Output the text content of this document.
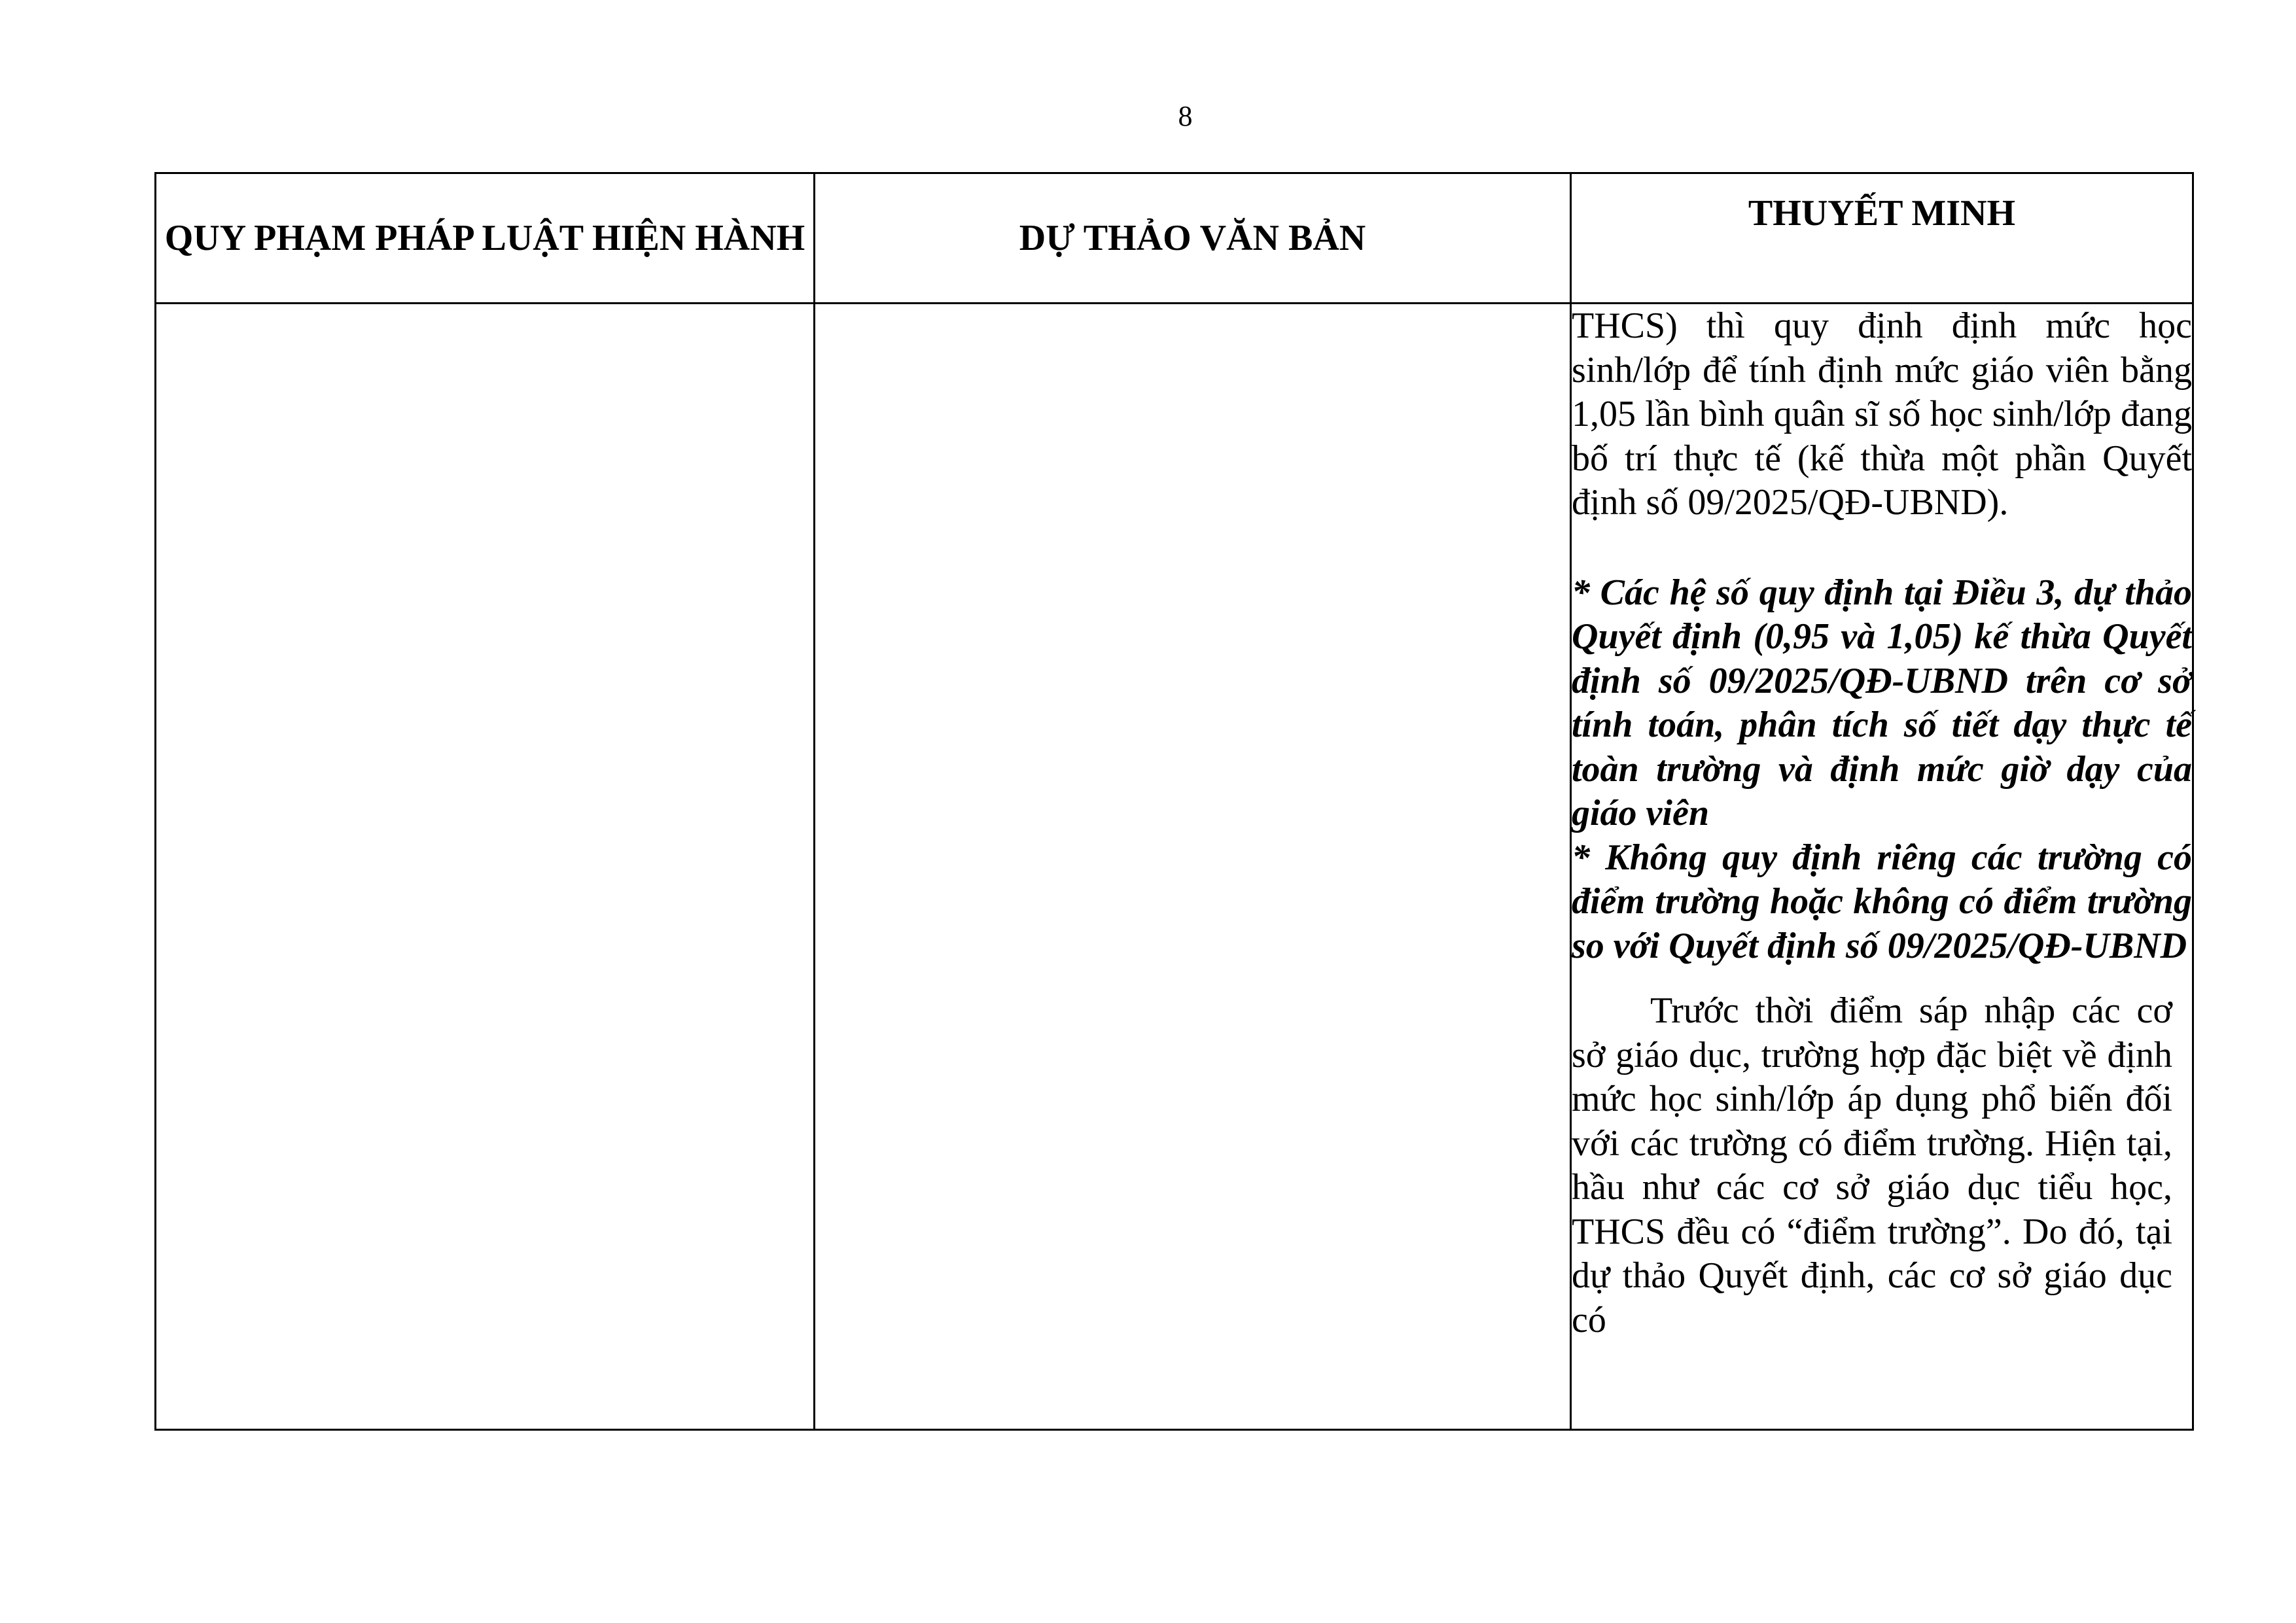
8
QUY PHẠM PHÁP LUẬT HIỆN HÀNH	DỰ THẢO VĂN BẢN	THUYẾT MINH

		THCS) thì quy định định mức học sinh/lớp để tính định mức giáo viên bằng 1,05 lần bình quân sĩ số học sinh/lớp đang bố trí thực tế (kế thừa một phần Quyết định số 09/2025/QĐ-UBND).

* Các hệ số quy định tại Điều 3, dự thảo Quyết định (0,95 và 1,05) kế thừa Quyết định số 09/2025/QĐ-UBND trên cơ sở tính toán, phân tích số tiết dạy thực tế toàn trường và định mức giờ dạy của giáo viên
* Không quy định riêng các trường có điểm trường hoặc không có điểm trường so với Quyết định số 09/2025/QĐ-UBND

Trước thời điểm sáp nhập các cơ sở giáo dục, trường hợp đặc biệt về định mức học sinh/lớp áp dụng phổ biến đối với các trường có điểm trường. Hiện tại, hầu như các cơ sở giáo dục tiểu học, THCS đều có “điểm trường”. Do đó, tại dự thảo Quyết định, các cơ sở giáo dục có
